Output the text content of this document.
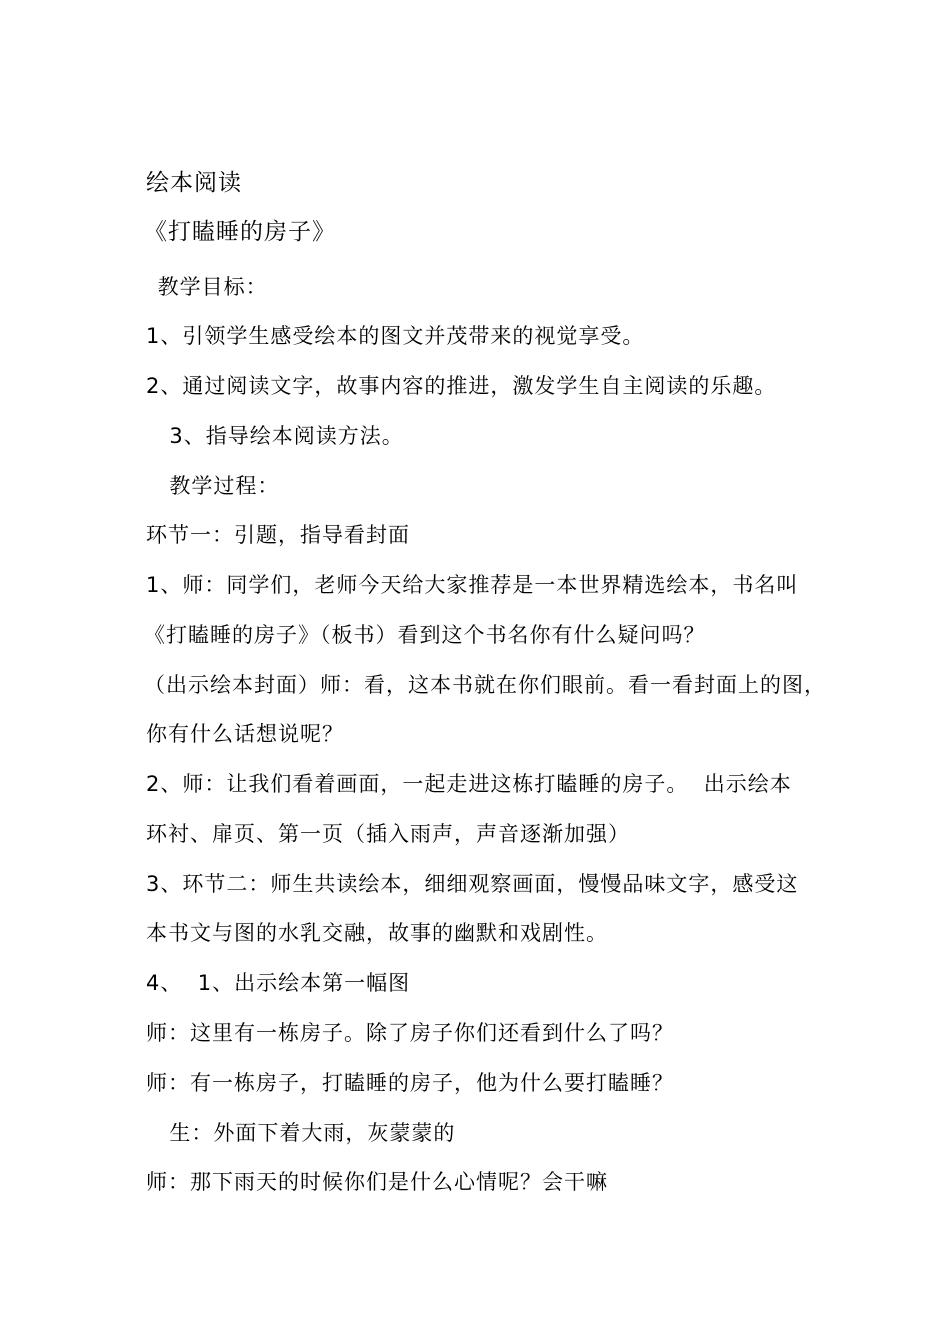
绘本阅读
《打瞌睡的房子》
教学目标：
1、引领学生感受绘本的图文并茂带来的视觉享受。
2、通过阅读文字，故事内容的推进，激发学生自主阅读的乐趣。
3、指导绘本阅读方法。
教学过程：
环节一：引题，指导看封面
1、师：同学们，老师今天给大家推荐是一本世界精选绘本，书名叫
《打瞌睡的房子》（板书）看到这个书名你有什么疑问吗？
（出示绘本封面）师：看，这本书就在你们眼前。看一看封面上的图，
你有什么话想说呢？
2、师：让我们看着画面，一起走进这栋打瞌睡的房子。  出示绘本
环衬、扉页、第一页（插入雨声，声音逐渐加强）
3、环节二：师生共读绘本，细细观察画面，慢慢品味文字，感受这
本书文与图的水乳交融，故事的幽默和戏剧性。
4、  1、出示绘本第一幅图
师：这里有一栋房子。除了房子你们还看到什么了吗？
师：有一栋房子，打瞌睡的房子，他为什么要打瞌睡？
生：外面下着大雨，灰蒙蒙的
师：那下雨天的时候你们是什么心情呢？会干嘛
